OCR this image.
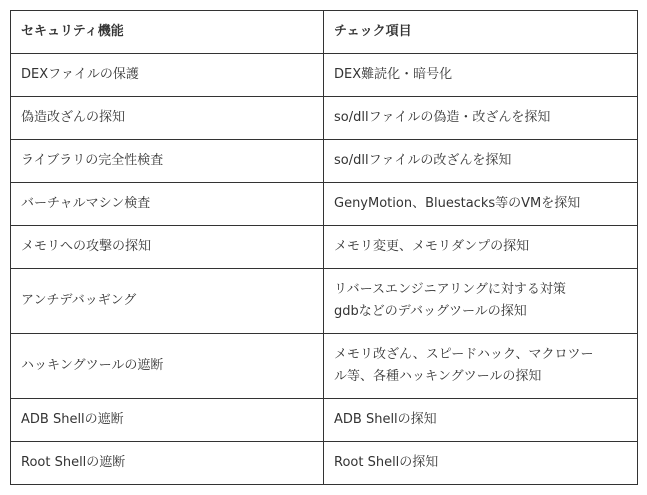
セキュリティ機能	チェック項目
DEXファイルの保護	DEX難読化・暗号化

偽造改ざんの探知	so/dllファイルの偽造・改ざんを探知

ライブラリの完全性検査	so/dllファイルの改ざんを探知

バーチャルマシン検査	GenyMotion、Bluestacks等のVMを探知

メモリへの攻撃の探知	メモリ変更、メモリダンプの探知

アンチデバッギング	リバースエンジニアリングに対する対策
gdbなどのデバッグツールの探知

ハッキングツールの遮断	メモリ改ざん、スピードハック、マクロツー
ル等、各種ハッキングツールの探知

ADB Shellの遮断	ADB Shellの探知

Root Shellの遮断	Root Shellの探知
